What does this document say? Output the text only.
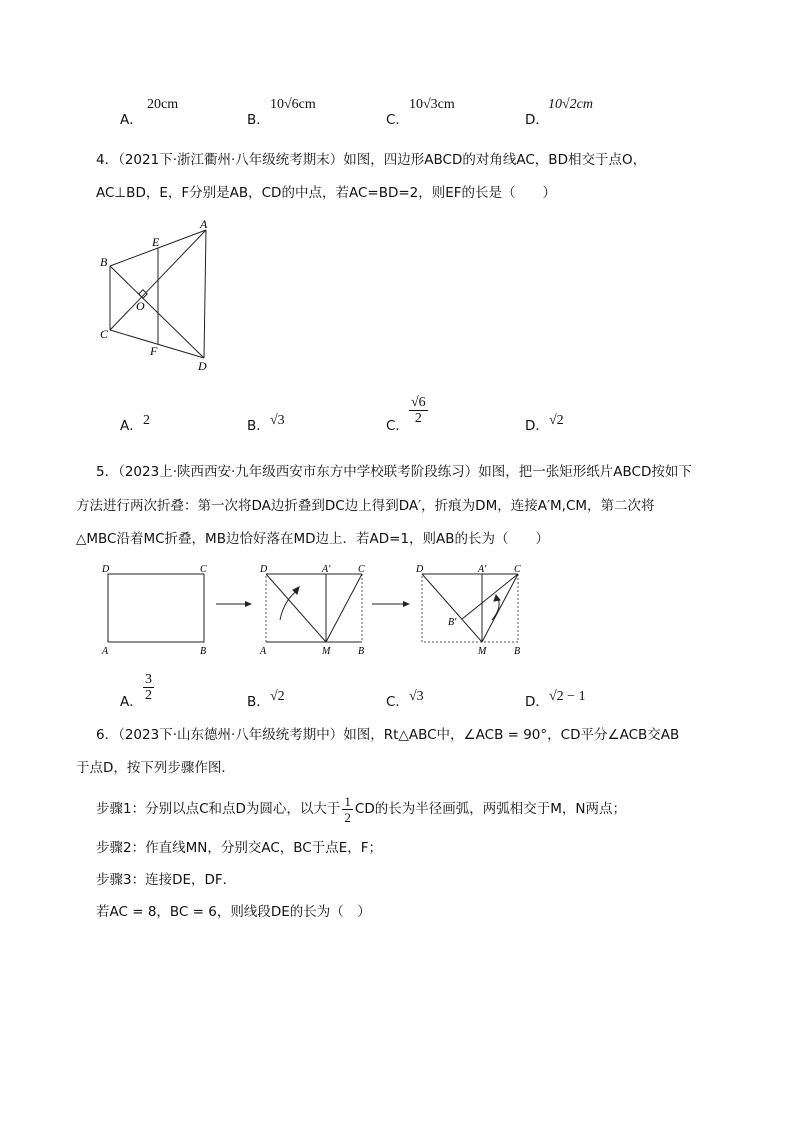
A．
20cm
B．
10√6cm
C．
10√3cm
D．
10√2cm
4．（2021下·浙江衢州·八年级统考期末）如图，四边形ABCD的对角线AC，BD相交于点O，
AC⊥BD，E，F分别是AB，CD的中点，若AC=BD=2，则EF的长是（　　）
A
B
C
D
E
F
O
A． 2	B． √3	C． $\frac{√6}{2}$	D． √2
5．（2023上·陕西西安·九年级西安市东方中学校联考阶段练习）如图，把一张矩形纸片ABCD按如下
方法进行两次折叠：第一次将DA边折叠到DC边上得到DA′，折痕为DM，连接A′M,CM，第二次将
△MBC沿着MC折叠，MB边恰好落在MD边上．若AD=1，则AB的长为（　　）
D	C
A	B
D	A′	C
A	M	B
D	A′	C
B′
M	B
A． $\frac{3}{2}$	B． √2	C． √3	D． √2 − 1
6．（2023下·山东德州·八年级统考期中）如图，Rt△ABC中，∠ACB = 90°，CD平分∠ACB交AB
于点D，按下列步骤作图．
步骤1：分别以点C和点D为圆心，以大于 $\frac{1}{2}$ CD的长为半径画弧，两弧相交于M，N两点；
步骤2：作直线MN，分别交AC，BC于点E，F；
步骤3：连接DE，DF．
若AC = 8，BC = 6，则线段DE的长为（　）
